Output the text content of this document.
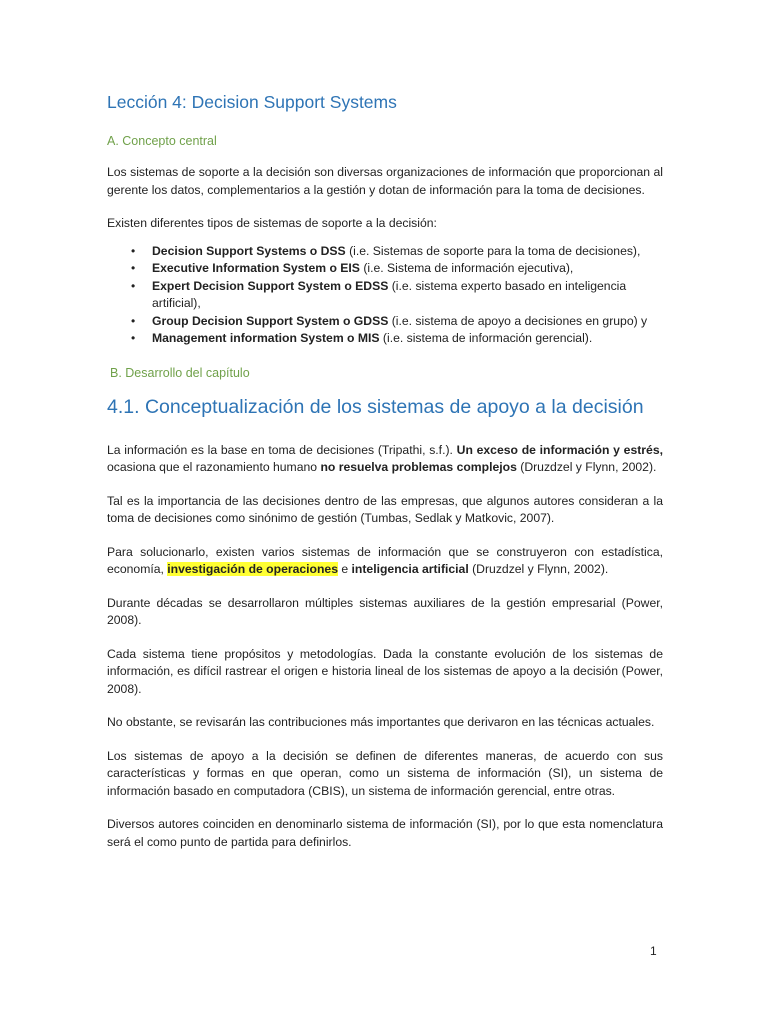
Lección 4: Decision Support Systems
A. Concepto central

Los sistemas de soporte a la decisión son diversas organizaciones de información que proporcionan al gerente los datos, complementarios a la gestión y dotan de información para la toma de decisiones.

Existen diferentes tipos de sistemas de soporte a la decisión:

• Decision Support Systems o DSS (i.e. Sistemas de soporte para la toma de decisiones),
• Executive Information System o EIS (i.e. Sistema de información ejecutiva),
• Expert Decision Support System o EDSS (i.e. sistema experto basado en inteligencia artificial),
• Group Decision Support System o GDSS (i.e. sistema de apoyo a decisiones en grupo) y
• Management information System o MIS (i.e. sistema de información gerencial).
B. Desarrollo del capítulo
4.1. Conceptualización de los sistemas de apoyo a la decisión

La información es la base en toma de decisiones (Tripathi, s.f.). Un exceso de información y estrés, ocasiona que el razonamiento humano no resuelva problemas complejos (Druzdzel y Flynn, 2002).

Tal es la importancia de las decisiones dentro de las empresas, que algunos autores consideran a la toma de decisiones como sinónimo de gestión (Tumbas, Sedlak y Matkovic, 2007).

Para solucionarlo, existen varios sistemas de información que se construyeron con estadística, economía, investigación de operaciones e inteligencia artificial (Druzdzel y Flynn, 2002).

Durante décadas se desarrollaron múltiples sistemas auxiliares de la gestión empresarial (Power, 2008).

Cada sistema tiene propósitos y metodologías. Dada la constante evolución de los sistemas de información, es difícil rastrear el origen e historia lineal de los sistemas de apoyo a la decisión (Power, 2008).

No obstante, se revisarán las contribuciones más importantes que derivaron en las técnicas actuales.

Los sistemas de apoyo a la decisión se definen de diferentes maneras, de acuerdo con sus características y formas en que operan, como un sistema de información (SI), un sistema de información basado en computadora (CBIS), un sistema de información gerencial, entre otras.

Diversos autores coinciden en denominarlo sistema de información (SI), por lo que esta nomenclatura será el como punto de partida para definirlos.

1
